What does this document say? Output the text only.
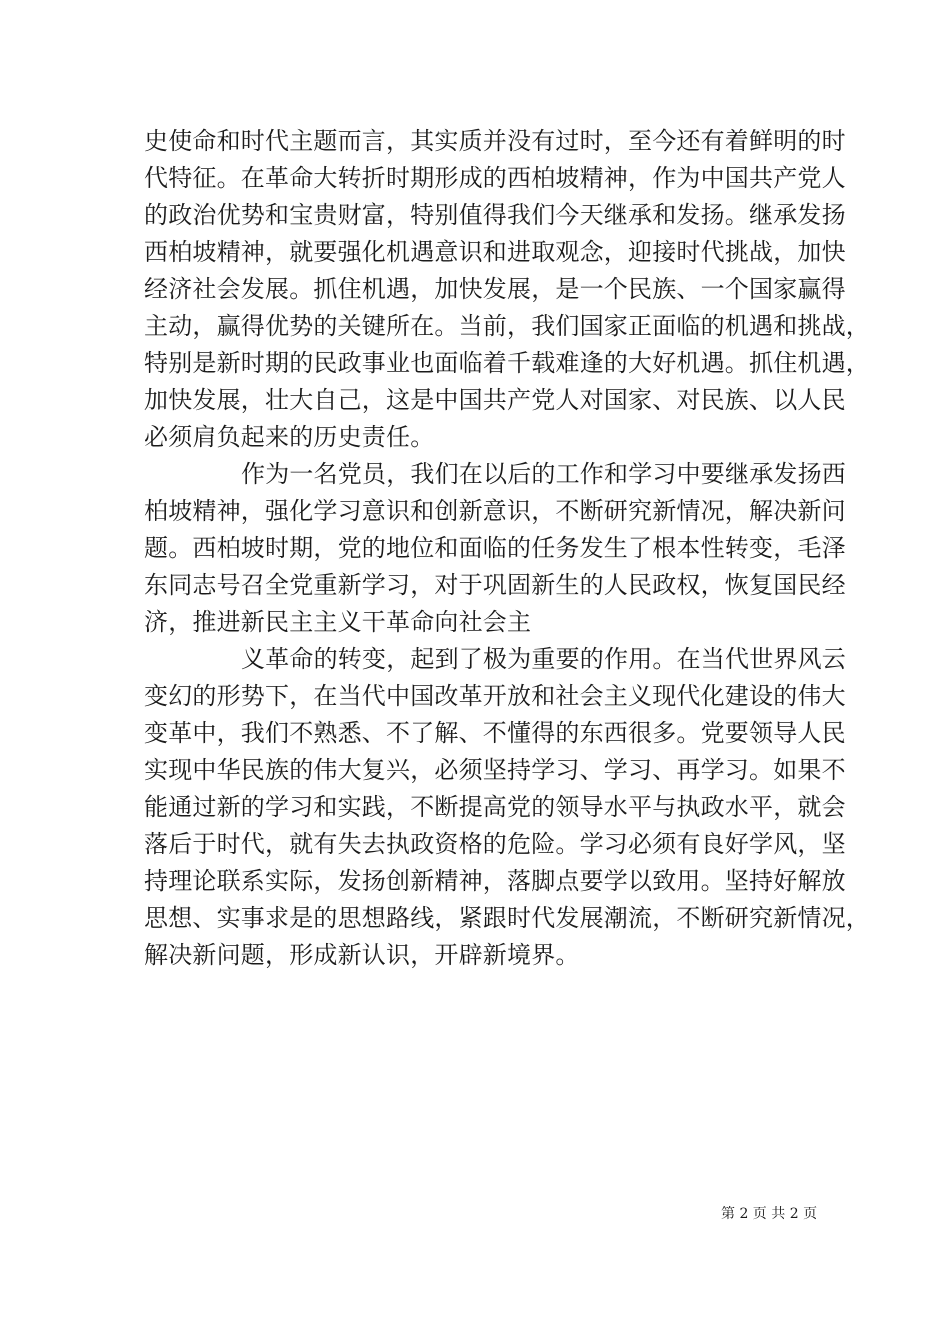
史使命和时代主题而言，其实质并没有过时，至今还有着鲜明的时
代特征。在革命大转折时期形成的西柏坡精神，作为中国共产党人
的政治优势和宝贵财富，特别值得我们今天继承和发扬。继承发扬
西柏坡精神，就要强化机遇意识和进取观念，迎接时代挑战，加快
经济社会发展。抓住机遇，加快发展，是一个民族、一个国家赢得
主动，赢得优势的关键所在。当前，我们国家正面临的机遇和挑战，
特别是新时期的民政事业也面临着千载难逢的大好机遇。抓住机遇，
加快发展，壮大自己，这是中国共产党人对国家、对民族、以人民
必须肩负起来的历史责任。
作为一名党员，我们在以后的工作和学习中要继承发扬西
柏坡精神，强化学习意识和创新意识，不断研究新情况，解决新问
题。西柏坡时期，党的地位和面临的任务发生了根本性转变，毛泽
东同志号召全党重新学习，对于巩固新生的人民政权，恢复国民经
济，推进新民主主义干革命向社会主
义革命的转变，起到了极为重要的作用。在当代世界风云
变幻的形势下，在当代中国改革开放和社会主义现代化建设的伟大
变革中，我们不熟悉、不了解、不懂得的东西很多。党要领导人民
实现中华民族的伟大复兴，必须坚持学习、学习、再学习。如果不
能通过新的学习和实践，不断提高党的领导水平与执政水平，就会
落后于时代，就有失去执政资格的危险。学习必须有良好学风，坚
持理论联系实际，发扬创新精神，落脚点要学以致用。坚持好解放
思想、实事求是的思想路线，紧跟时代发展潮流，不断研究新情况，
解决新问题，形成新认识，开辟新境界。
第 2 页 共 2 页
